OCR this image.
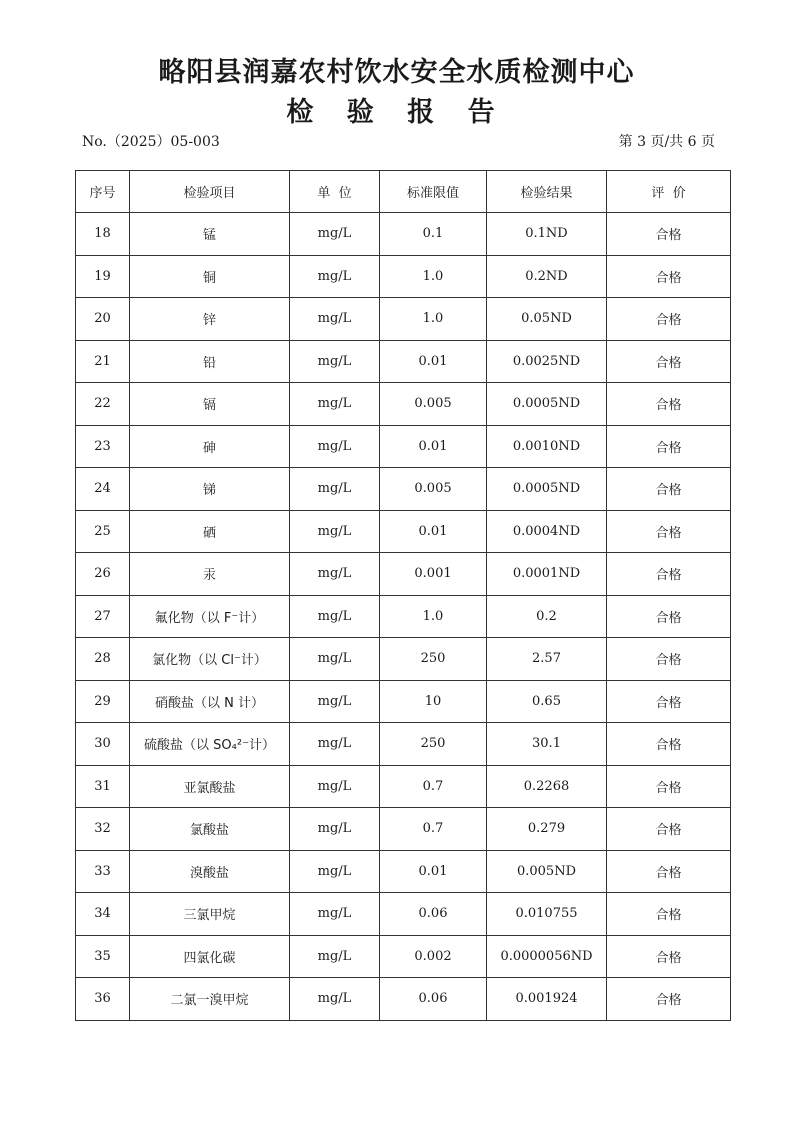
略阳县润嘉农村饮水安全水质检测中心
检 验 报 告
No.（2025）05-003	第 3 页/共 6 页
序号	检验项目	单  位	标准限值	检验结果	评  价
18	锰	mg/L	0.1	0.1ND	合格
19	铜	mg/L	1.0	0.2ND	合格
20	锌	mg/L	1.0	0.05ND	合格
21	铅	mg/L	0.01	0.0025ND	合格
22	镉	mg/L	0.005	0.0005ND	合格
23	砷	mg/L	0.01	0.0010ND	合格
24	锑	mg/L	0.005	0.0005ND	合格
25	硒	mg/L	0.01	0.0004ND	合格
26	汞	mg/L	0.001	0.0001ND	合格
27	氟化物（以 F⁻计）	mg/L	1.0	0.2	合格
28	氯化物（以 Cl⁻计）	mg/L	250	2.57	合格
29	硝酸盐（以 N 计）	mg/L	10	0.65	合格
30	硫酸盐（以 SO₄²⁻计）	mg/L	250	30.1	合格
31	亚氯酸盐	mg/L	0.7	0.2268	合格
32	氯酸盐	mg/L	0.7	0.279	合格
33	溴酸盐	mg/L	0.01	0.005ND	合格
34	三氯甲烷	mg/L	0.06	0.010755	合格
35	四氯化碳	mg/L	0.002	0.0000056ND	合格
36	二氯一溴甲烷	mg/L	0.06	0.001924	合格
